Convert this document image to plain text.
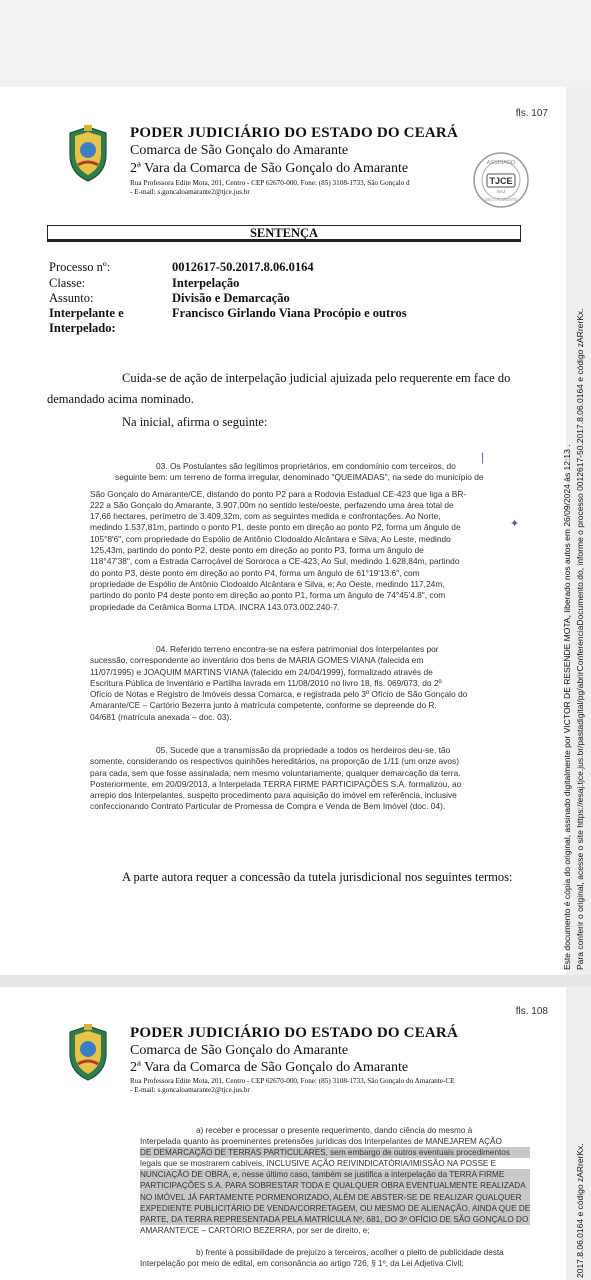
fls. 107
PODER JUDICIÁRIO DO ESTADO DO CEARÁ
Comarca de São Gonçalo do Amarante
2ª Vara da Comarca de São Gonçalo do Amarante
Rua Professora Edite Mota, 201, Centro - CEP 62670-000, Fone: (85) 3108-1733, São Gonçalo d
- E-mail: s.goncaloamarante2@tjce.jus.br
TJCE
ASSINADO
SAJ
DIGITALMENTE
SENTENÇA
Processo nº:	0012617-50.2017.8.06.0164
Classe:	Interpelação
Assunto:	Divisão e Demarcação
Interpelante e
Interpelado:
Francisco Girlando Viana Procópio e outros
Cuida-se de ação de interpelação judicial ajuizada pelo requerente em face do
demandado acima nominado.
Na inicial, afirma o seguinte:
03. Os Postulantes são legítimos proprietários, em condomínio com terceiros, do
seguinte bem: um terreno de forma irregular, denominado "QUEIMADAS", na sede do município de
São Gonçalo do Amarante/CE, distando do ponto P2 para a Rodovia Estadual CE-423 que liga a BR-
222 a São Gonçalo do Amarante, 3.907,00m no sentido leste/oeste, perfazendo uma área total de
17,66 hectares, perímetro de 3.409,32m, com as seguintes medida e confrontações. Ao Norte,
medindo 1.537,81m, partindo o ponto P1, deste ponto em direção ao ponto P2, forma um ângulo de
105°8'6", com propriedade do Espólio de Antônio Clodoaldo Alcântara e Silva; Ao Leste, medindo
125,43m, partindo do ponto P2, deste ponto em direção ao ponto P3, forma um ângulo de
118°47'38", com a Estrada Carroçável de Sororoca a CE-423; Ao Sul, medindo 1.628,84m, partindo
do ponto P3, deste ponto em direção ao ponto P4, forma um ângulo de 61°19'13.6", com
propriedade de Espólio de Antônio Clodoaldo Alcântara e Silva, e; Ao Oeste, medindo 117,24m,
partindo do ponto P4 deste ponto em direção ao ponto P1, forma um ângulo de 74°45'4.8", com
propriedade da Cerâmica Borma LTDA. INCRA 143.073.002.240-7.
04. Referido terreno encontra-se na esfera patrimonial dos Interpelantes por
sucessão, correspondente ao inventário dos bens de MARIA GOMES VIANA (falecida em
11/07/1995) e JOAQUIM MARTINS VIANA (falecido em 24/04/1999), formalizado através de
Escritura Pública de Inventário e Partilha lavrada em 11/08/2010 no livro 18, fls. 069/073, do 2º
Ofício de Notas e Registro de Imóveis dessa Comarca, e registrada pelo 3º Ofício de São Gonçalo do
Amarante/CE – Cartório Bezerra junto à matrícula competente, conforme se depreende do R.
04/681 (matrícula anexada – doc. 03).
05. Sucede que a transmissão da propriedade a todos os herdeiros deu-se, tão
somente, considerando os respectivos quinhões hereditários, na proporção de 1/11 (um onze avos)
para cada, sem que fosse assinalada, nem mesmo voluntariamente, qualquer demarcação da terra.
Posteriormente, em 20/09/2013, a Interpelada TERRA FIRME PARTICIPAÇÕES S.A. formalizou, ao
arrepio dos Interpelantes, suspeito procedimento para aquisição do imóvel em referência, inclusive
confeccionando Contrato Particular de Promessa de Compra e Venda de Bem Imóvel (doc. 04).
❘
✦
A parte autora requer a concessão da tutela jurisdicional nos seguintes termos:
fls. 108
PODER JUDICIÁRIO DO ESTADO DO CEARÁ
Comarca de São Gonçalo do Amarante
2ª Vara da Comarca de São Gonçalo do Amarante
Rua Professora Edite Mota, 201, Centro - CEP 62670-000, Fone: (85) 3108-1733, São Gonçalo do Amarante-CE
- E-mail: s.goncaloamarante2@tjce.jus.br
a) receber e processar o presente requerimento, dando ciência do mesmo à
Interpelada quanto às proeminentes pretensões jurídicas dos Interpelantes de MANEJAREM AÇÃO
DE DEMARCAÇÃO DE TERRAS PARTICULARES, sem embargo de outros eventuais procedimentos
legais que se mostrarem cabíveis, INCLUSIVE AÇÃO REIVINDICATÓRIA/IMISSÃO NA POSSE E
NUNCIAÇÃO DE OBRA, e, nesse último caso, também se justifica a interpelação da TERRA FIRME
PARTICIPAÇÕES S.A. PARA SOBRESTAR TODA E QUALQUER OBRA EVENTUALMENTE REALIZADA
NO IMÓVEL JÁ FARTAMENTE PORMENORIZADO, ALÉM DE ABSTER-SE DE REALIZAR QUALQUER
EXPEDIENTE PUBLICITÁRIO DE VENDA/CORRETAGEM, OU MESMO DE ALIENAÇÃO, AINDA QUE DE
PARTE, DA TERRA REPRESENTADA PELA MATRÍCULA Nº. 681, DO 3º OFÍCIO DE SÃO GONÇALO DO
AMARANTE/CE – CARTÓRIO BEZERRA, por ser de direito, e;
b) frente à possibilidade de prejuízo a terceiros, acolher o pleito de publicidade desta
Interpelação por meio de edital, em consonância ao artigo 726, § 1º, da Lei Adjetiva Civil;
Este documento é cópia do original, assinado digitalmente por VICTOR DE RESENDE MOTA, liberado nos autos em 26/09/2024 às 12:13 . Para conferir o original, acesse o site https://esaj.tjce.jus.br/pastadigital/pg/abrirConferenciaDocumento.do, informe o processo 0012617-50.2017.8.06.0164 e código zARrerKx.
2017.8.06.0164 e código zARrerKx.
